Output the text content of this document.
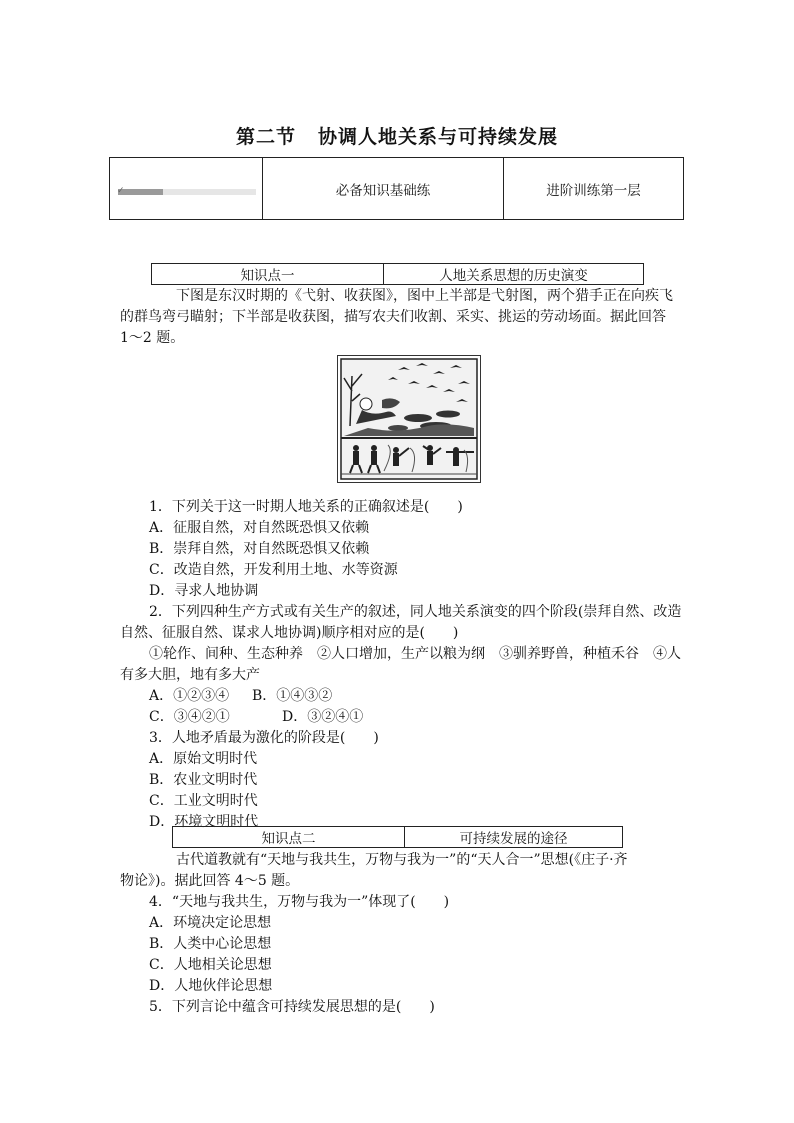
第二节 协调人地关系与可持续发展
✓	必备知识基础练	进阶训练第一层
知识点一	人地关系思想的历史演变
下图是东汉时期的《弋射、收获图》，图中上半部是弋射图，两个猎手正在向疾飞
的群鸟弯弓瞄射；下半部是收获图，描写农夫们收割、采实、挑运的劳动场面。据此回答
1～2 题。
1．下列关于这一时期人地关系的正确叙述是(　　)
A．征服自然，对自然既恐惧又依赖
B．崇拜自然，对自然既恐惧又依赖
C．改造自然，开发利用土地、水等资源
D．寻求人地协调
2．下列四种生产方式或有关生产的叙述，同人地关系演变的四个阶段(崇拜自然、改造
自然、征服自然、谋求人地协调)顺序相对应的是(　　)
①轮作、间种、生态种养　②人口增加，生产以粮为纲　③驯养野兽，种植禾谷　④人
有多大胆，地有多大产
A．①②③④ B．①④③②
C．③④②①	D．③②④①
3．人地矛盾最为激化的阶段是(　　)
A．原始文明时代
B．农业文明时代
C．工业文明时代
D．环境文明时代
知识点二	可持续发展的途径
古代道教就有“天地与我共生，万物与我为一”的“天人合一”思想(《庄子·齐
物论》)。据此回答 4～5 题。
4．“天地与我共生，万物与我为一”体现了(　　)
A．环境决定论思想
B．人类中心论思想
C．人地相关论思想
D．人地伙伴论思想
5．下列言论中蕴含可持续发展思想的是(　　)
